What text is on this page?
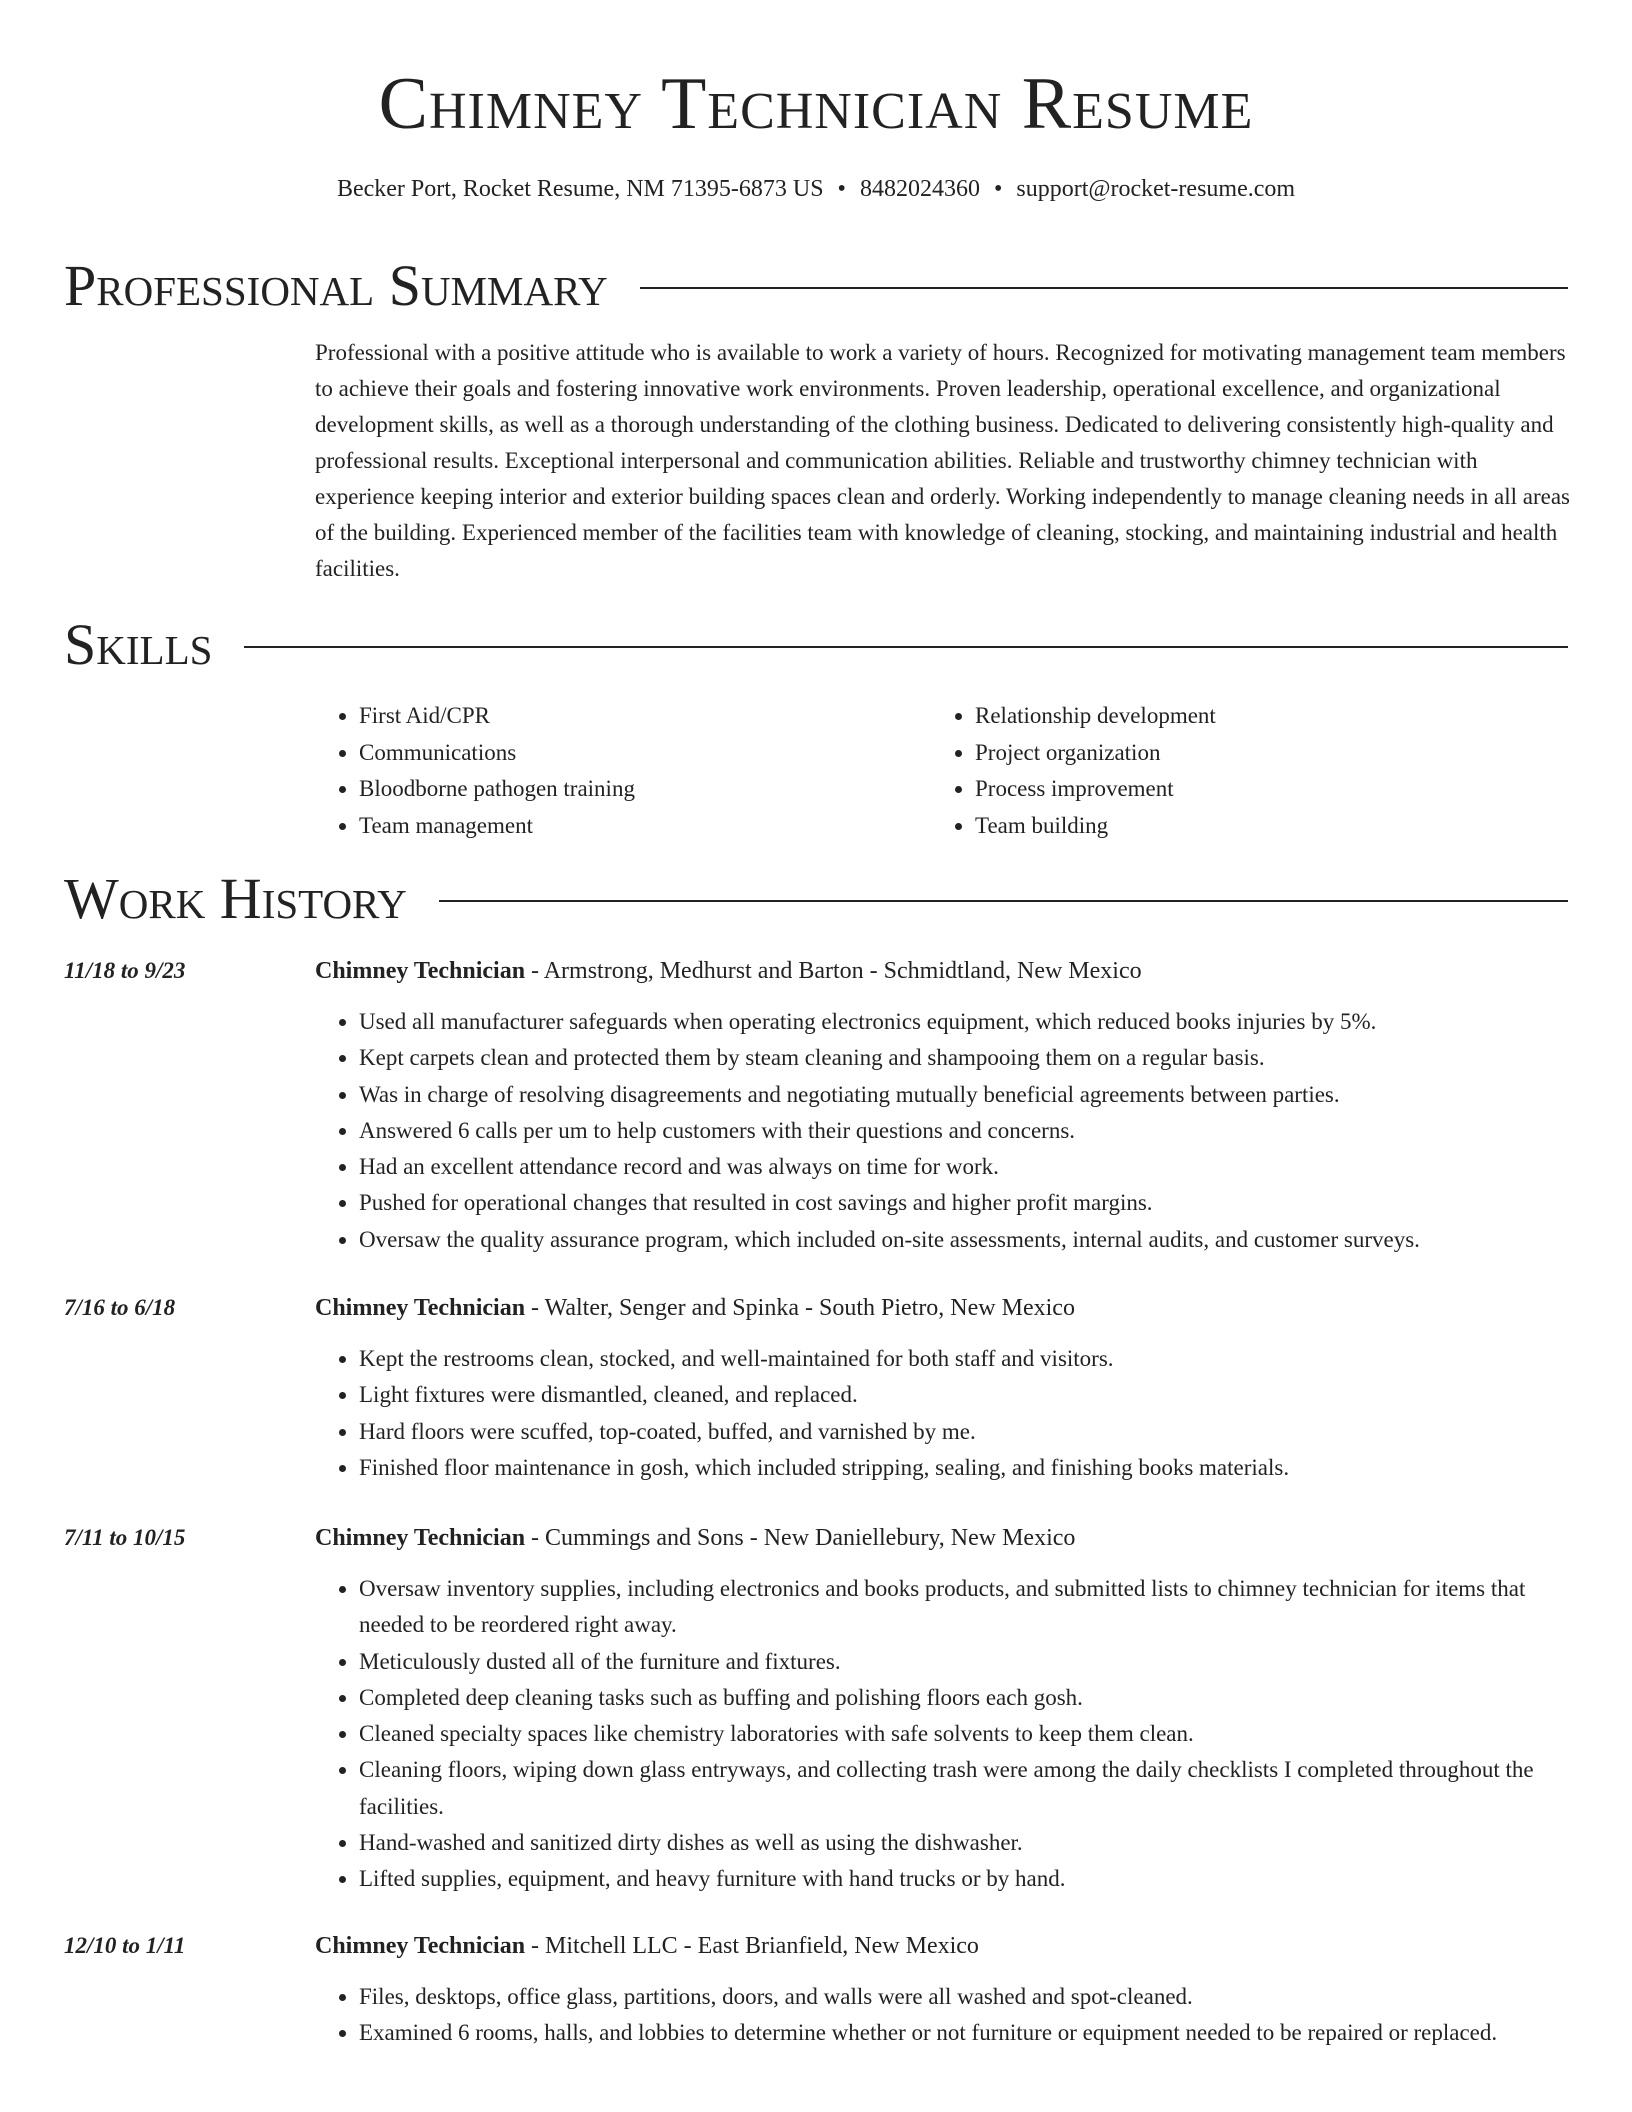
Chimney Technician Resume
Becker Port, Rocket Resume, NM 71395-6873 US • 8482024360 • support@rocket-resume.com
Professional Summary

Professional with a positive attitude who is available to work a variety of hours. Recognized for motivating management team members to achieve their goals and fostering innovative work environments. Proven leadership, operational excellence, and organizational development skills, as well as a thorough understanding of the clothing business. Dedicated to delivering consistently high-quality and professional results. Exceptional interpersonal and communication abilities. Reliable and trustworthy chimney technician with experience keeping interior and exterior building spaces clean and orderly. Working independently to manage cleaning needs in all areas of the building. Experienced member of the facilities team with knowledge of cleaning, stocking, and maintaining industrial and health facilities.

Skills
• First Aid/CPR
• Communications
• Bloodborne pathogen training
• Team management
• Relationship development
• Project organization
• Process improvement
• Team building
Work History
11/18 to 9/23	Chimney Technician - Armstrong, Medhurst and Barton - Schmidtland, New Mexico
• Used all manufacturer safeguards when operating electronics equipment, which reduced books injuries by 5%.
• Kept carpets clean and protected them by steam cleaning and shampooing them on a regular basis.
• Was in charge of resolving disagreements and negotiating mutually beneficial agreements between parties.
• Answered 6 calls per um to help customers with their questions and concerns.
• Had an excellent attendance record and was always on time for work.
• Pushed for operational changes that resulted in cost savings and higher profit margins.
• Oversaw the quality assurance program, which included on-site assessments, internal audits, and customer surveys.
7/16 to 6/18	Chimney Technician - Walter, Senger and Spinka - South Pietro, New Mexico
• Kept the restrooms clean, stocked, and well-maintained for both staff and visitors.
• Light fixtures were dismantled, cleaned, and replaced.
• Hard floors were scuffed, top-coated, buffed, and varnished by me.
• Finished floor maintenance in gosh, which included stripping, sealing, and finishing books materials.
7/11 to 10/15	Chimney Technician - Cummings and Sons - New Daniellebury, New Mexico
• Oversaw inventory supplies, including electronics and books products, and submitted lists to chimney technician for items that needed to be reordered right away.
• Meticulously dusted all of the furniture and fixtures.
• Completed deep cleaning tasks such as buffing and polishing floors each gosh.
• Cleaned specialty spaces like chemistry laboratories with safe solvents to keep them clean.
• Cleaning floors, wiping down glass entryways, and collecting trash were among the daily checklists I completed throughout the facilities.
• Hand-washed and sanitized dirty dishes as well as using the dishwasher.
• Lifted supplies, equipment, and heavy furniture with hand trucks or by hand.
12/10 to 1/11	Chimney Technician - Mitchell LLC - East Brianfield, New Mexico
• Files, desktops, office glass, partitions, doors, and walls were all washed and spot-cleaned.
• Examined 6 rooms, halls, and lobbies to determine whether or not furniture or equipment needed to be repaired or replaced.
